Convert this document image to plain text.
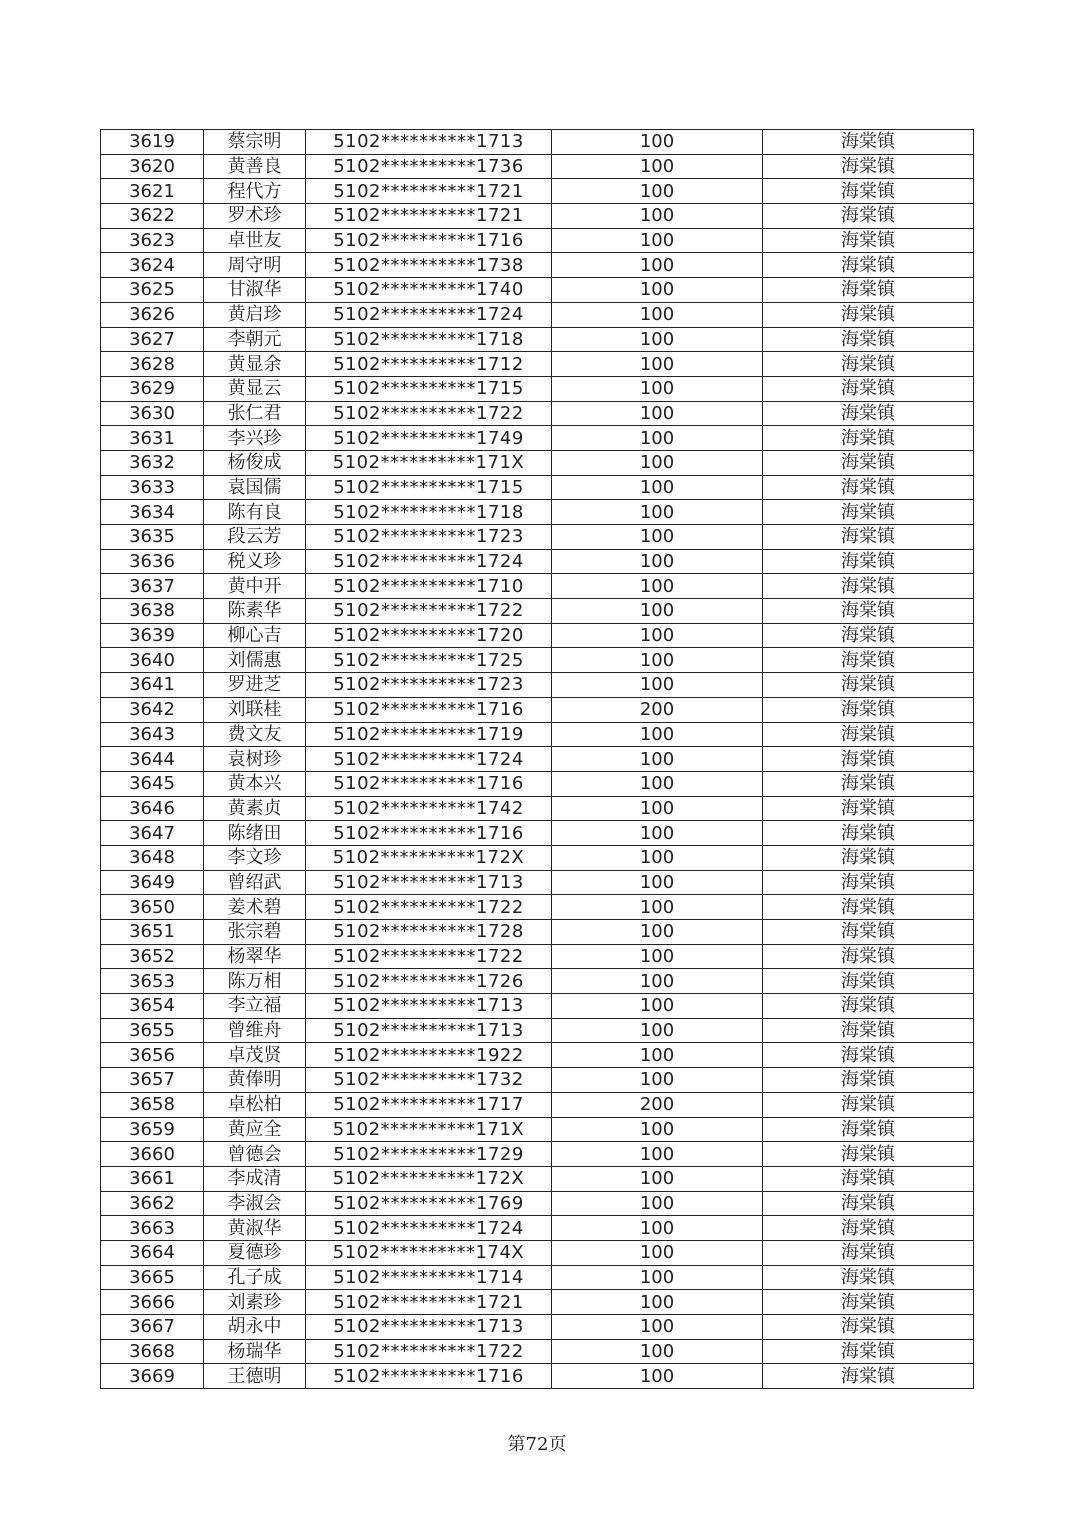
3619	蔡宗明	5102**********1713	100	海棠镇
3620	黄善良	5102**********1736	100	海棠镇
3621	程代方	5102**********1721	100	海棠镇
3622	罗术珍	5102**********1721	100	海棠镇
3623	卓世友	5102**********1716	100	海棠镇
3624	周守明	5102**********1738	100	海棠镇
3625	甘淑华	5102**********1740	100	海棠镇
3626	黄启珍	5102**********1724	100	海棠镇
3627	李朝元	5102**********1718	100	海棠镇
3628	黄显余	5102**********1712	100	海棠镇
3629	黄显云	5102**********1715	100	海棠镇
3630	张仁君	5102**********1722	100	海棠镇
3631	李兴珍	5102**********1749	100	海棠镇
3632	杨俊成	5102**********171X	100	海棠镇
3633	袁国儒	5102**********1715	100	海棠镇
3634	陈有良	5102**********1718	100	海棠镇
3635	段云芳	5102**********1723	100	海棠镇
3636	税义珍	5102**********1724	100	海棠镇
3637	黄中开	5102**********1710	100	海棠镇
3638	陈素华	5102**********1722	100	海棠镇
3639	柳心吉	5102**********1720	100	海棠镇
3640	刘儒惠	5102**********1725	100	海棠镇
3641	罗进芝	5102**********1723	100	海棠镇
3642	刘联桂	5102**********1716	200	海棠镇
3643	费文友	5102**********1719	100	海棠镇
3644	袁树珍	5102**********1724	100	海棠镇
3645	黄本兴	5102**********1716	100	海棠镇
3646	黄素贞	5102**********1742	100	海棠镇
3647	陈绪田	5102**********1716	100	海棠镇
3648	李文珍	5102**********172X	100	海棠镇
3649	曾绍武	5102**********1713	100	海棠镇
3650	姜术碧	5102**********1722	100	海棠镇
3651	张宗碧	5102**********1728	100	海棠镇
3652	杨翠华	5102**********1722	100	海棠镇
3653	陈万相	5102**********1726	100	海棠镇
3654	李立福	5102**********1713	100	海棠镇
3655	曾维舟	5102**********1713	100	海棠镇
3656	卓茂贤	5102**********1922	100	海棠镇
3657	黄俸明	5102**********1732	100	海棠镇
3658	卓松柏	5102**********1717	200	海棠镇
3659	黄应全	5102**********171X	100	海棠镇
3660	曾德会	5102**********1729	100	海棠镇
3661	李成清	5102**********172X	100	海棠镇
3662	李淑会	5102**********1769	100	海棠镇
3663	黄淑华	5102**********1724	100	海棠镇
3664	夏德珍	5102**********174X	100	海棠镇
3665	孔子成	5102**********1714	100	海棠镇
3666	刘素珍	5102**********1721	100	海棠镇
3667	胡永中	5102**********1713	100	海棠镇
3668	杨瑞华	5102**********1722	100	海棠镇
3669	王德明	5102**********1716	100	海棠镇
第72页
